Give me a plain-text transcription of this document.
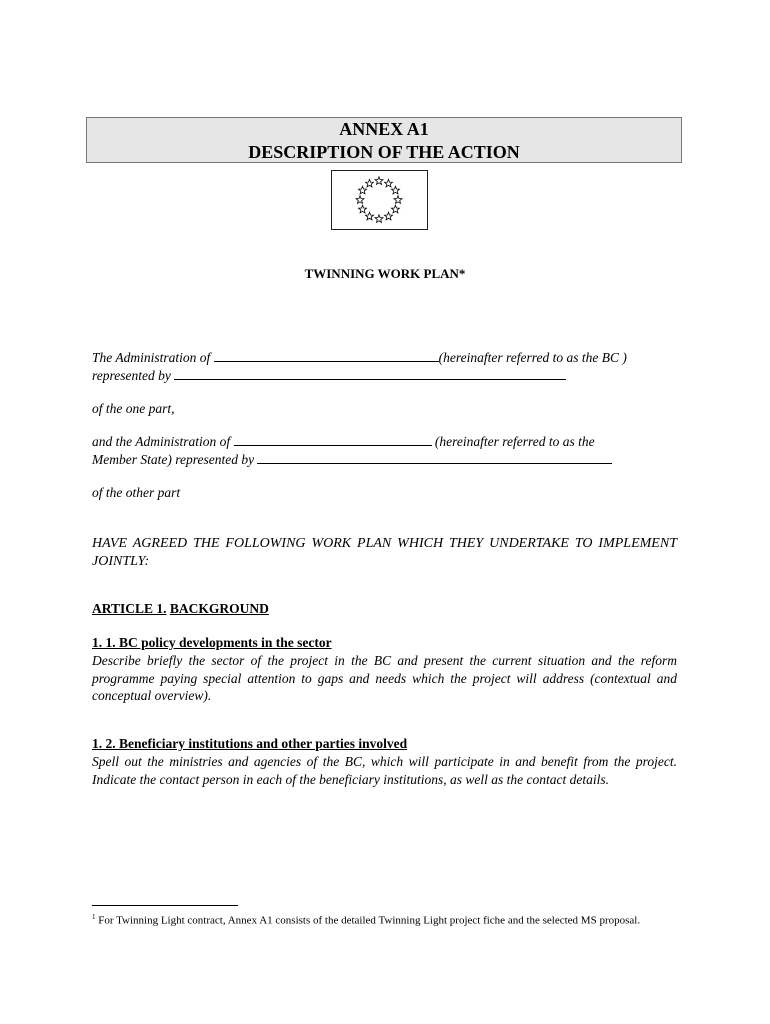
ANNEX A1
DESCRIPTION OF THE ACTION
TWINNING WORK PLAN*
The Administration of	(hereinafter referred to as the BC )
represented by
of the one part,
and the Administration of	(hereinafter referred to as the
Member State) represented by
of the other part
HAVE AGREED THE FOLLOWING WORK PLAN WHICH THEY UNDERTAKE TO IMPLEMENT JOINTLY:
ARTICLE 1. BACKGROUND
1. 1. BC policy developments in the sector
Describe briefly the sector of the project in the BC and present the current situation and the reform programme paying special attention to gaps and needs which the project will address (contextual and conceptual overview).
1. 2. Beneficiary institutions and other parties involved
Spell out the ministries and agencies of the BC, which will participate in and benefit from the project. Indicate the contact person in each of the beneficiary institutions, as well as the contact details.
$^1$ For Twinning Light contract, Annex A1 consists of the detailed Twinning Light project fiche and the selected MS proposal.
